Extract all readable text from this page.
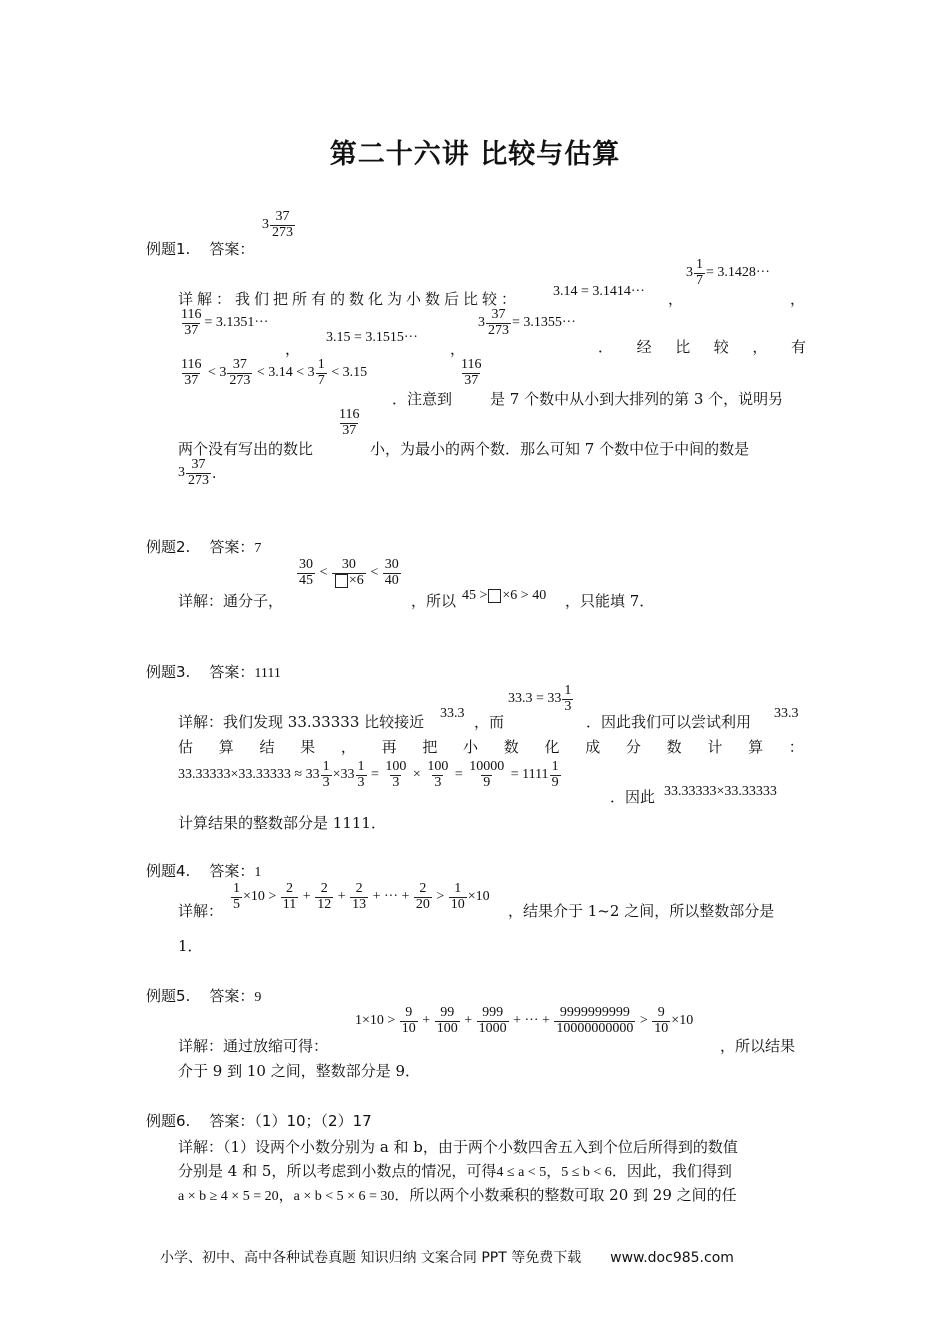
第二十六讲 比较与估算
例题1. 答案：
$3 \frac{37}{273}$
详解：我们把所有的数化为小数后比较： 3.14 = 3.1414··· ，
$3 \frac{1}{7} = 3.1428\cdot\cdot\cdot$
，
$\frac{116}{37} = 3.1351\cdot\cdot\cdot$
，
3.15 = 3.1515···
，
$3 \frac{37}{273} = 3.1355\cdot\cdot\cdot$
． 经 比 较 ， 有
$\frac{116}{37} < 3 \frac{37}{273} < 3.14 < 3 \frac{1}{7} < 3.15$
．注意到
$\frac{116}{37}$
是 7 个数中从小到大排列的第 3 个，说明另
$\frac{116}{37}$
两个没有写出的数比	小，为最小的两个数．那么可知 7 个数中位于中间的数是
$3 \frac{37}{273}$ ．
例题2. 答案：7
详解：通分子，
$\frac{30}{45} < \frac{30}{\times 6} < \frac{30}{40}$
，所以 45 > ×6 > 40 ，只能填 7．
例题3. 答案：1111
详解：我们发现 33.33333 比较接近 33.3 ，而
$33.3 = 33 \frac{1}{3}$
．因此我们可以尝试利用 33.3
估 算 结 果 ， 再 把 小 数 化 成 分 数 计 算 ：
$33.33333\times 33.33333 \approx 33 \frac{1}{3} \times 33 \frac{1}{3} = \frac{100}{3} \times \frac{100}{3} = \frac{10000}{9}$
= $1111 \frac{1}{9}$
．因此 33.33333×33.33333
计算结果的整数部分是 1111．
例题4. 答案：1
详解： $\frac{1}{5} \times 10 > \frac{2}{11} + \frac{2}{12} + \frac{2}{13}$ + ··· + $\frac{2}{20} > \frac{1}{10} \times 10$
，结果介于 1~2 之间，所以整数部分是
1．
例题5. 答案：9
详解：通过放缩可得：
$1\times 10 > \frac{9}{10} + \frac{99}{100} + \frac{999}{1000}$ + ··· + $\frac{9999999999}{10000000000} > \frac{9}{10} \times 10$
，所以结果
介于 9 到 10 之间，整数部分是 9．
例题6. 答案：（1）10；（2）17
详解：（1）设两个小数分别为 a 和 b，由于两个小数四舍五入到个位后所得到的数值
分别是 4 和 5，所以考虑到小数点的情况，可得4 ≤ a < 5，5 ≤ b < 6．因此，我们得到
a × b ≥ 4 × 5 = 20，a × b < 5 × 6 = 30．所以两个小数乘积的整数可取 20 到 29 之间的任
小学、初中、高中各种试卷真题 知识归纳 文案合同 PPT 等免费下载 www.doc985.com
